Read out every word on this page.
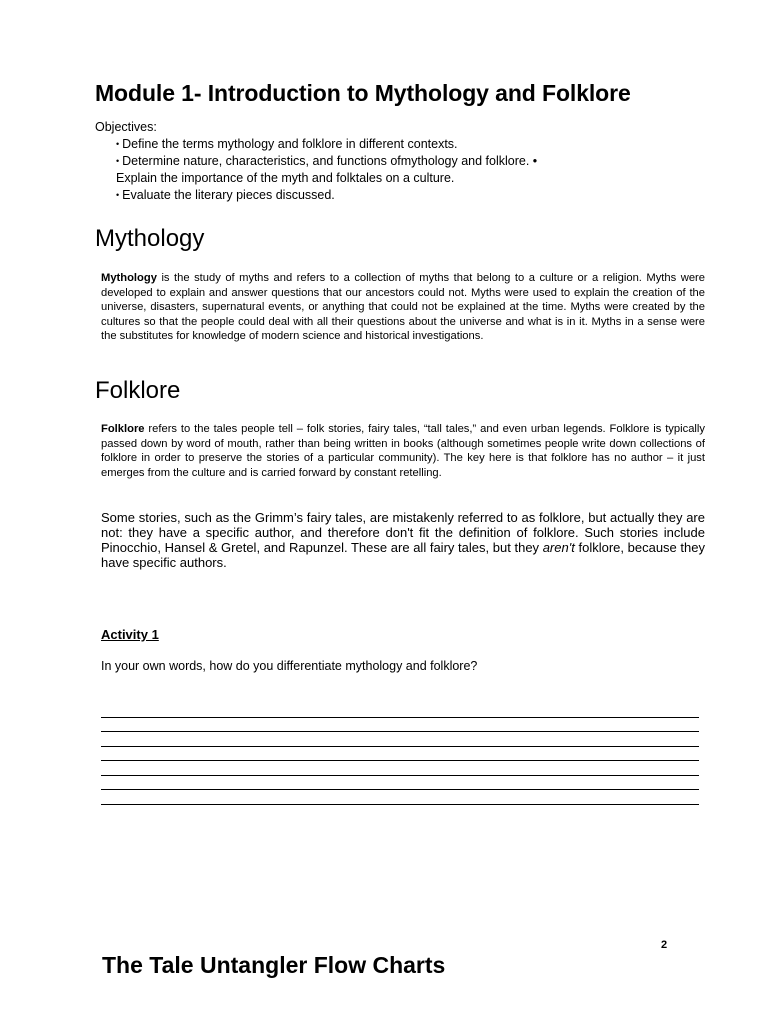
Module 1- Introduction to Mythology and Folklore
Objectives:
• Define the terms mythology and folklore in different contexts.
• Determine nature, characteristics, and functions ofmythology and folklore. •
Explain the importance of the myth and folktales on a culture.
• Evaluate the literary pieces discussed.
Mythology

Mythology is the study of myths and refers to a collection of myths that belong to a culture or a religion. Myths were developed to explain and answer questions that our ancestors could not. Myths were used to explain the creation of the universe, disasters, supernatural events, or anything that could not be explained at the time. Myths were created by the cultures so that the people could deal with all their questions about the universe and what is in it. Myths in a sense were the substitutes for knowledge of modern science and historical investigations.

Folklore

Folklore refers to the tales people tell – folk stories, fairy tales, “tall tales,” and even urban legends. Folklore is typically passed down by word of mouth, rather than being written in books (although sometimes people write down collections of folklore in order to preserve the stories of a particular community). The key here is that folklore has no author – it just emerges from the culture and is carried forward by constant retelling.

Some stories, such as the Grimm’s fairy tales, are mistakenly referred to as folklore, but actually they are not: they have a specific author, and therefore don't fit the definition of folklore. Such stories include Pinocchio, Hansel & Gretel, and Rapunzel. These are all fairy tales, but they aren't folklore, because they have specific authors.

Activity 1

In your own words, how do you differentiate mythology and folklore?

2
The Tale Untangler Flow Charts
